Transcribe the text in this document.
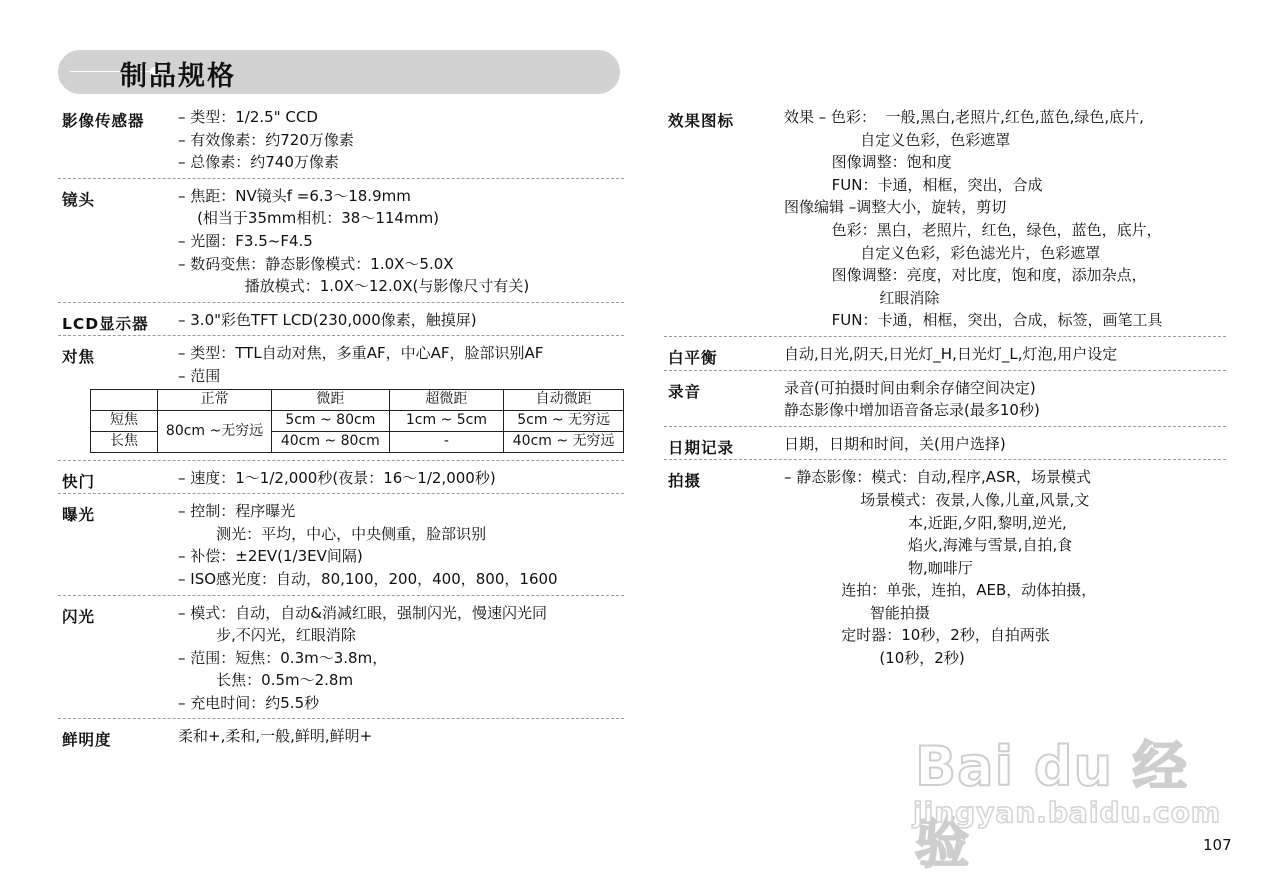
制品规格
影像传感器 – 类型：1/2.5" CCD
– 有效像素：约720万像素
– 总像素：约740万像素
镜头	– 焦距：NV镜头f =6.3～18.9mm
(相当于35mm相机：38～114mm)
– 光圈：F3.5~F4.5
– 数码变焦：静态影像模式：1.0X～5.0X
播放模式：1.0X～12.0X(与影像尺寸有关)
LCD显示器 – 3.0"彩色TFT LCD(230,000像素，触摸屏)
对焦	– 类型：TTL自动对焦，多重AF，中心AF，脸部识别AF
– 范围
	正常	微距	超微距	自动微距
短焦	80cm ~无穷远	5cm ~ 80cm	1cm ~ 5cm	5cm ~ 无穷远
长焦		40cm ~ 80cm	-	40cm ~ 无穷远
快门	– 速度：1～1/2,000秒(夜景：16～1/2,000秒)
曝光	– 控制：程序曝光
测光：平均，中心，中央侧重，脸部识别
– 补偿：±2EV(1/3EV间隔)
– ISO感光度：自动，80,100，200，400，800，1600
闪光	– 模式：自动，自动&消减红眼，强制闪光，慢速闪光同
步,不闪光，红眼消除
– 范围：短焦：0.3m～3.8m，
长焦：0.5m～2.8m
– 充电时间：约5.5秒
鲜明度	柔和+,柔和,一般,鲜明,鲜明+
效果图标	效果 – 色彩：  一般,黑白,老照片,红色,蓝色,绿色,底片,
自定义色彩，色彩遮罩
图像调整：饱和度
FUN：卡通，相框，突出，合成
图像编辑 –调整大小，旋转，剪切
色彩：黑白，老照片，红色，绿色，蓝色，底片，
自定义色彩，彩色滤光片，色彩遮罩
图像调整：亮度，对比度，饱和度，添加杂点，
红眼消除
FUN：卡通，相框，突出，合成，标签，画笔工具
白平衡	自动,日光,阴天,日光灯_H,日光灯_L,灯泡,用户设定
录音	录音(可拍摄时间由剩余存储空间决定)
静态影像中增加语音备忘录(最多10秒)
日期记录	日期，日期和时间，关(用户选择)
拍摄	– 静态影像：模式：自动,程序,ASR，场景模式
场景模式：夜景,人像,儿童,风景,文
本,近距,夕阳,黎明,逆光,
焰火,海滩与雪景,自拍,食
物,咖啡厅
连拍：单张，连拍，AEB，动体拍摄，
智能拍摄
定时器：10秒，2秒，自拍两张
(10秒，2秒)
Bai du 经验
jingyan.baidu.com
107
